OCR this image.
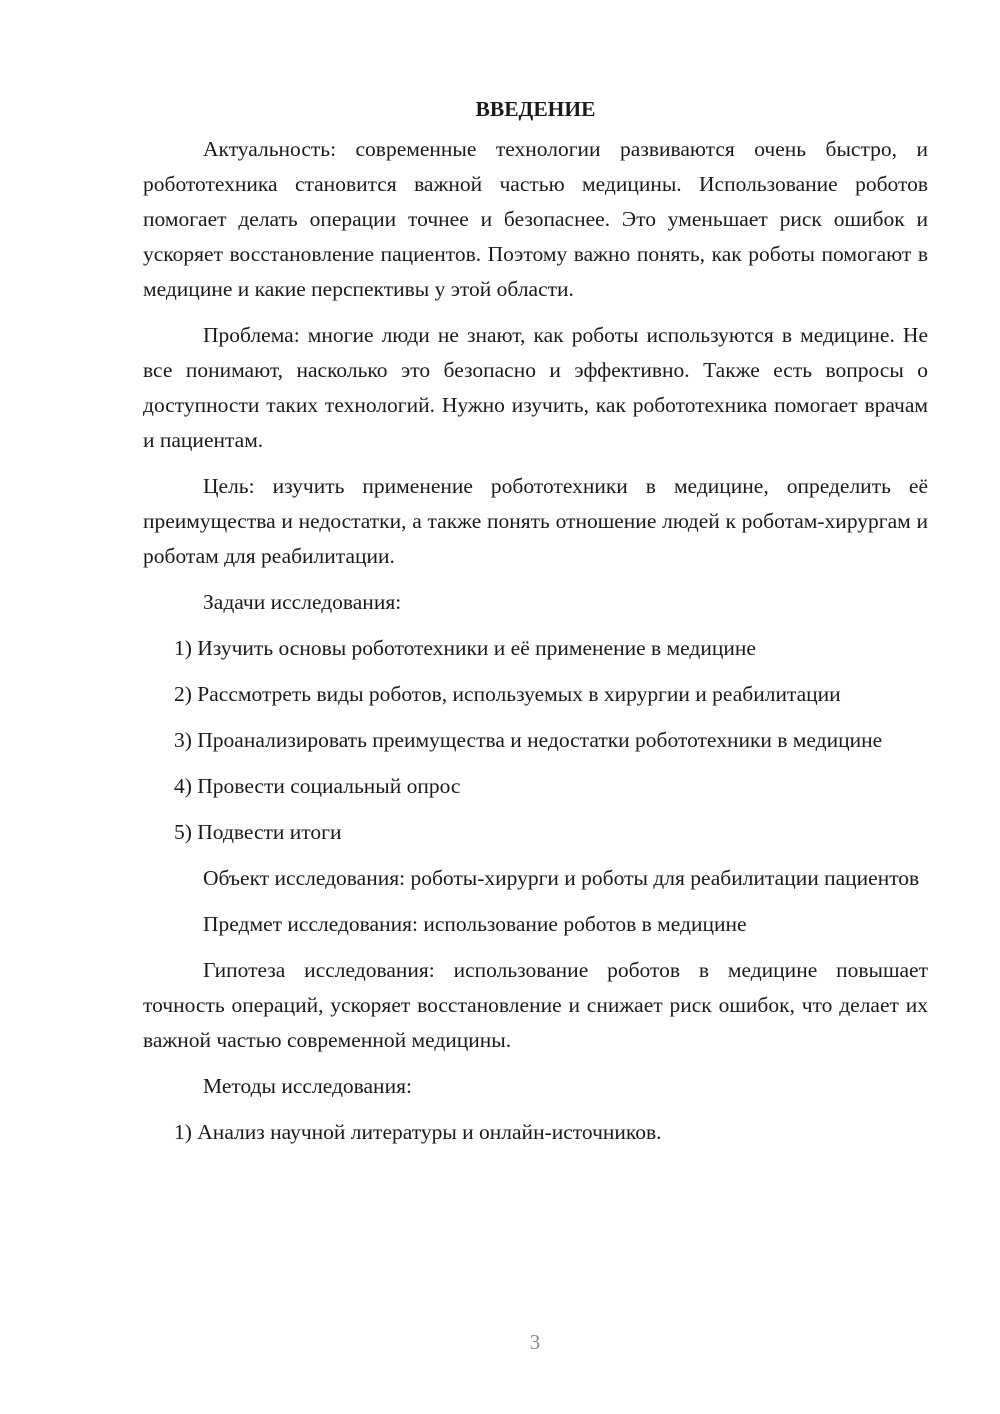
ВВЕДЕНИЕ

Актуальность: современные технологии развиваются очень быстро, и робототехника становится важной частью медицины. Использование роботов помогает делать операции точнее и безопаснее. Это уменьшает риск ошибок и ускоряет восстановление пациентов. Поэтому важно понять, как роботы помогают в медицине и какие перспективы у этой области.

Проблема: многие люди не знают, как роботы используются в медицине. Не все понимают, насколько это безопасно и эффективно. Также есть вопросы о доступности таких технологий. Нужно изучить, как робототехника помогает врачам и пациентам.

Цель: изучить применение робототехники в медицине, определить её преимущества и недостатки, а также понять отношение людей к роботам-хирургам и роботам для реабилитации.

Задачи исследования:

1) Изучить основы робототехники и её применение в медицине

2) Рассмотреть виды роботов, используемых в хирургии и реабилитации

3) Проанализировать преимущества и недостатки робототехники в медицине

4) Провести социальный опрос

5) Подвести итоги

Объект исследования: роботы-хирурги и роботы для реабилитации пациентов

Предмет исследования: использование роботов в медицине

Гипотеза исследования: использование роботов в медицине повышает точность операций, ускоряет восстановление и снижает риск ошибок, что делает их важной частью современной медицины.

Методы исследования:

1) Анализ научной литературы и онлайн-источников.

3
